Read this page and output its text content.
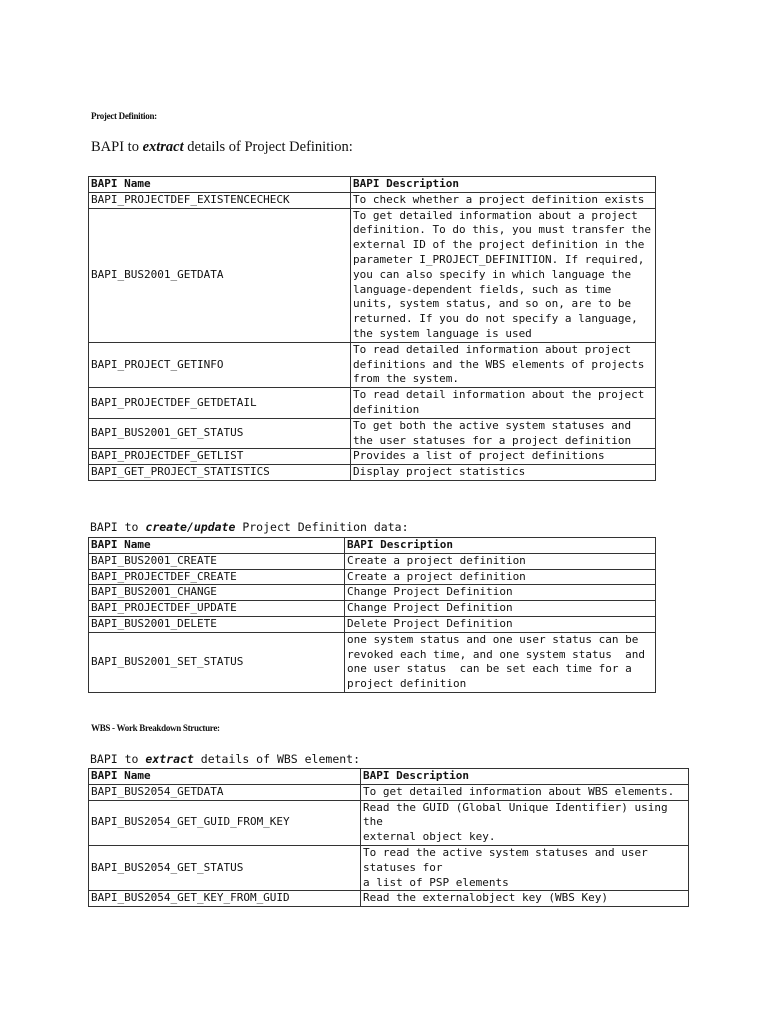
Project Definition:
BAPI to extract details of Project Definition:
BAPI Name	BAPI Description
BAPI_PROJECTDEF_EXISTENCECHECK	To check whether a project definition exists
BAPI_BUS2001_GETDATA	To get detailed information about a project definition. To do this, you must transfer the external ID of the project definition in the parameter I_PROJECT_DEFINITION. If required, you can also specify in which language the language-dependent fields, such as time units, system status, and so on, are to be returned. If you do not specify a language, the system language is used
BAPI_PROJECT_GETINFO	To read detailed information about project definitions and the WBS elements of projects from the system.
BAPI_PROJECTDEF_GETDETAIL	To read detail information about the project definition
BAPI_BUS2001_GET_STATUS	To get both the active system statuses and the user statuses for a project definition
BAPI_PROJECTDEF_GETLIST	Provides a list of project definitions
BAPI_GET_PROJECT_STATISTICS	Display project statistics
BAPI to create/update Project Definition data:
BAPI Name	BAPI Description
BAPI_BUS2001_CREATE	Create a project definition
BAPI_PROJECTDEF_CREATE	Create a project definition
BAPI_BUS2001_CHANGE	Change Project Definition
BAPI_PROJECTDEF_UPDATE	Change Project Definition
BAPI_BUS2001_DELETE	Delete Project Definition
BAPI_BUS2001_SET_STATUS	one system status and one user status can be revoked each time, and one system status  and one user status  can be set each time for a project definition
WBS - Work Breakdown Structure:
BAPI to extract details of WBS element:
BAPI Name	BAPI Description
BAPI_BUS2054_GETDATA	To get detailed information about WBS elements.
BAPI_BUS2054_GET_GUID_FROM_KEY	Read the GUID (Global Unique Identifier) using the
external object key.
BAPI_BUS2054_GET_STATUS	To read the active system statuses and user statuses for
a list of PSP elements
BAPI_BUS2054_GET_KEY_FROM_GUID	Read the externalobject key (WBS Key)
